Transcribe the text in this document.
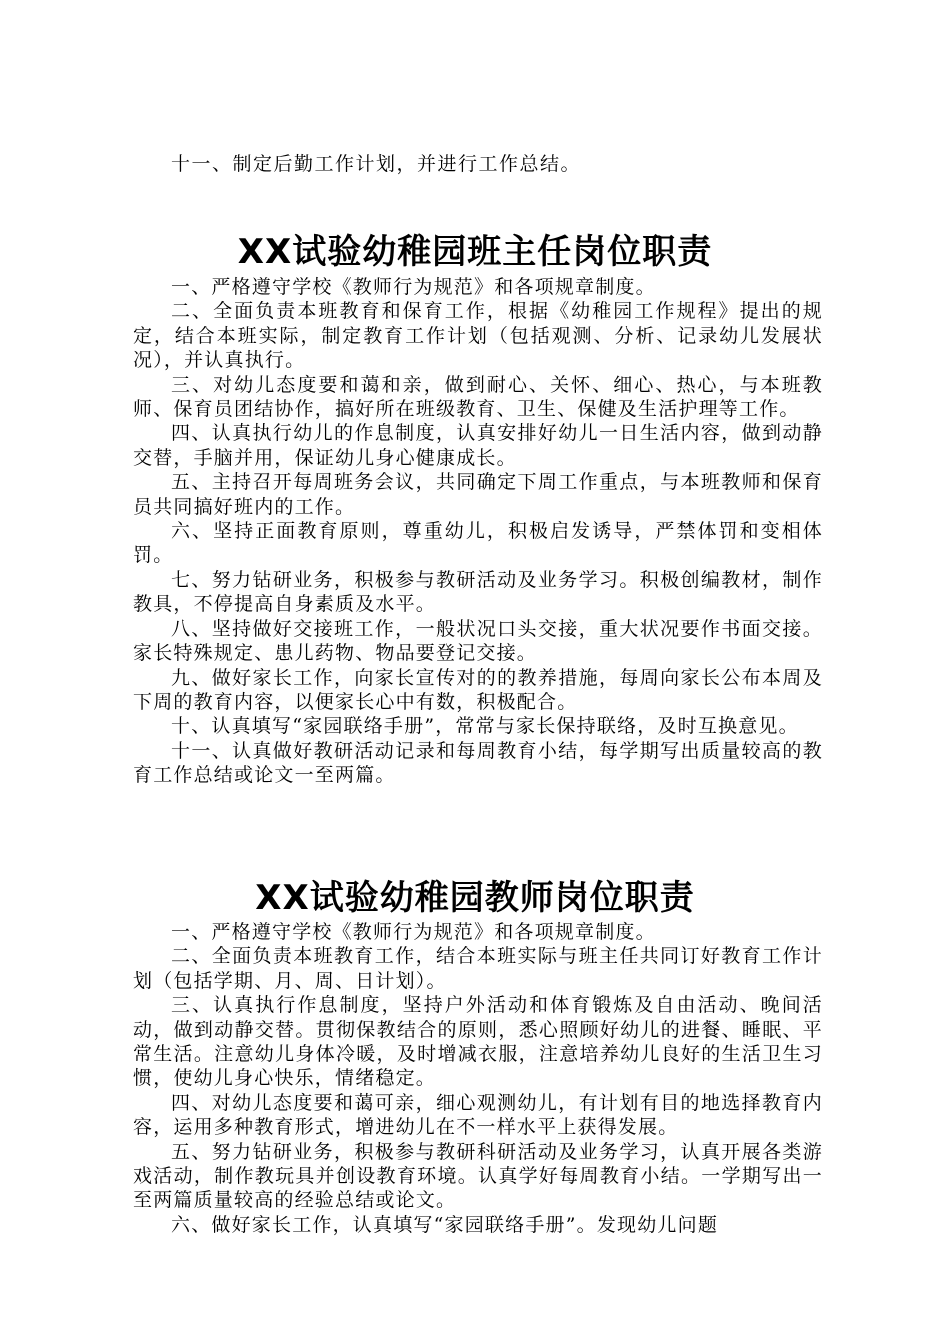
十一、制定后勤工作计划，并进行工作总结。

XX试验幼稚园班主任岗位职责

一、严格遵守学校《教师行为规范》和各项规章制度。

二、全面负责本班教育和保育工作，根据《幼稚园工作规程》提出的规定，结合本班实际，制定教育工作计划（包括观测、分析、记录幼儿发展状况），并认真执行。

三、对幼儿态度要和蔼和亲，做到耐心、关怀、细心、热心，与本班教师、保育员团结协作，搞好所在班级教育、卫生、保健及生活护理等工作。

四、认真执行幼儿的作息制度，认真安排好幼儿一日生活内容，做到动静交替，手脑并用，保证幼儿身心健康成长。

五、主持召开每周班务会议，共同确定下周工作重点，与本班教师和保育员共同搞好班内的工作。

六、坚持正面教育原则，尊重幼儿，积极启发诱导，严禁体罚和变相体罚。

七、努力钻研业务，积极参与教研活动及业务学习。积极创编教材，制作教具，不停提高自身素质及水平。

八、坚持做好交接班工作，一般状况口头交接，重大状况要作书面交接。家长特殊规定、患儿药物、物品要登记交接。

九、做好家长工作，向家长宣传对的的教养措施，每周向家长公布本周及下周的教育内容，以便家长心中有数，积极配合。

十、认真填写“家园联络手册”，常常与家长保持联络，及时互换意见。

十一、认真做好教研活动记录和每周教育小结，每学期写出质量较高的教育工作总结或论文一至两篇。

XX试验幼稚园教师岗位职责

一、严格遵守学校《教师行为规范》和各项规章制度。

二、全面负责本班教育工作，结合本班实际与班主任共同订好教育工作计划（包括学期、月、周、日计划）。

三、认真执行作息制度，坚持户外活动和体育锻炼及自由活动、晚间活动，做到动静交替。贯彻保教结合的原则，悉心照顾好幼儿的进餐、睡眠、平常生活。注意幼儿身体冷暖，及时增减衣服，注意培养幼儿良好的生活卫生习惯，使幼儿身心快乐，情绪稳定。

四、对幼儿态度要和蔼可亲，细心观测幼儿，有计划有目的地选择教育内容，运用多种教育形式，增进幼儿在不一样水平上获得发展。

五、努力钻研业务，积极参与教研科研活动及业务学习，认真开展各类游戏活动，制作教玩具并创设教育环境。认真学好每周教育小结。一学期写出一至两篇质量较高的经验总结或论文。

六、做好家长工作，认真填写“家园联络手册”。发现幼儿问题
